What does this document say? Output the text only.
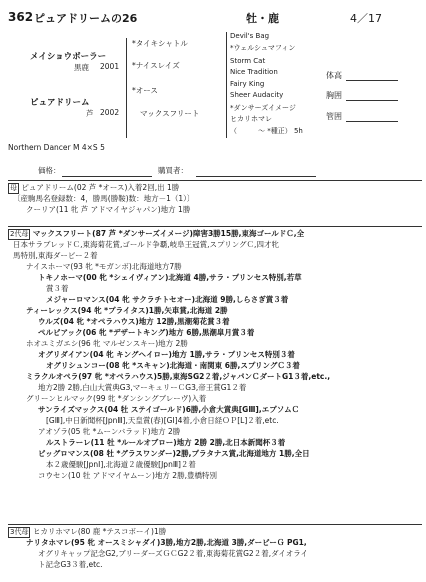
362 ピュアドリームの26	牡・鹿	4／17
メイショウボーラー
黒鹿 2001
ピュアドリーム
芦 2002
*タイキシャトル
*ナイスレイズ
*オース
マックスフリート
Devil's Bag
*ウェルシュマフィン
Storm Cat
Nice Tradition
Fairy King
Sheer Audacity
*ダンサーズイメージ
ヒカリホマレ
（　　　～ *種正） 5h
体高
胸囲
管囲
Northern Dancer M 4×S 5
価格：	購買者：
母 ピュアドリーム(02 芦 *オース)入着2回,出 1勝
〔産駒馬名登録数：4，勝馬(勝鞍)数：地方－1（1）〕
クーリア(11 牝 芦 アドマイヤジャパン)地方 1勝
2代母 マックスフリート(87 芦 *ダンサーズイメージ)障害3勝15勝,東海ゴールドＣ,全
日本サラブレッドＣ,東海菊花賞,ゴールド争覇,岐阜王冠賞,スプリングＣ,四才牝
馬特別,東海ダービー２着
ナイスホーマ(93 牝 *モガンボ)北海道地方7勝
トキノホーマ(00 牝 *シェイヴィアン)北海道 4勝,サラ・プリンセス特別,若草
賞３着
メジャーロマンス(04 牝 サクラチトセオー)北海道 9勝,しらさぎ賞３着
ティーレックス(94 牝 *プライタス)1勝,矢車賞,北海道 2勝
ウルズ(04 牝 *オペラハウス)地方 12勝,黒潮菊花賞３着
ペルビアック(06 牝 *デザートキング)地方 6勝,黒潮皐月賞３着
ホオユミガエシ(96 牝 マルゼンスキー)地方 2勝
オグリダイアン(04 牝 キングヘイロー)地方 1勝,サラ・プリンセス特別３着
オグリシュンコー(08 牝 *スキャン)北海道・南関東 6勝,スプリングＣ３着
ミラクルオペラ(97 牝 *オペラハウス)5勝,東海SG2２着,ジャパンＣダートG1３着,etc.,
地方2勝 2勝,白山大賞典G3,マーキュリーＣG3,帝王賞G1２着
グリーンヒルマック(99 牝 *ダンシングブレーヴ)入着
サンライズマックス(04 牡 ステイゴールド)6勝,小倉大賞典[GⅢ],エプソムＣ
[GⅢ],中日新聞杯[JpnⅢ],天皇賞(春)[GⅠ]4着,小倉日経ＯＰ[L]２着,etc.
アオゾラ(05 牝 *ムーンバラッド)地方 2勝
ルストラーレ(11 牡 *ルールオブロー)地方 2勝 2勝,北日本新聞杯３着
ビッグロマンス(08 牡 *グラスワンダー)2勝,プラタナス賞,北海道地方 1勝,全日
本２歳優駿[JpnⅠ],北海道２歳優駿[JpnⅢ]２着
コウセン(10 牡 アドマイヤムーン)地方 2勝,豊橋特別
3代母 ヒカリホマレ(80 鹿 *テスコボーイ)1勝
ナリタホマレ(95 牝 オースミシャダイ)3勝,地方2勝,北海道 3勝,ダービーＧ PG1,
オグリキャップ記念G2,ブリーダーズＧＣG2２着,東海菊花賞G2２着,ダイオライ
ト記念G3３着,etc.
